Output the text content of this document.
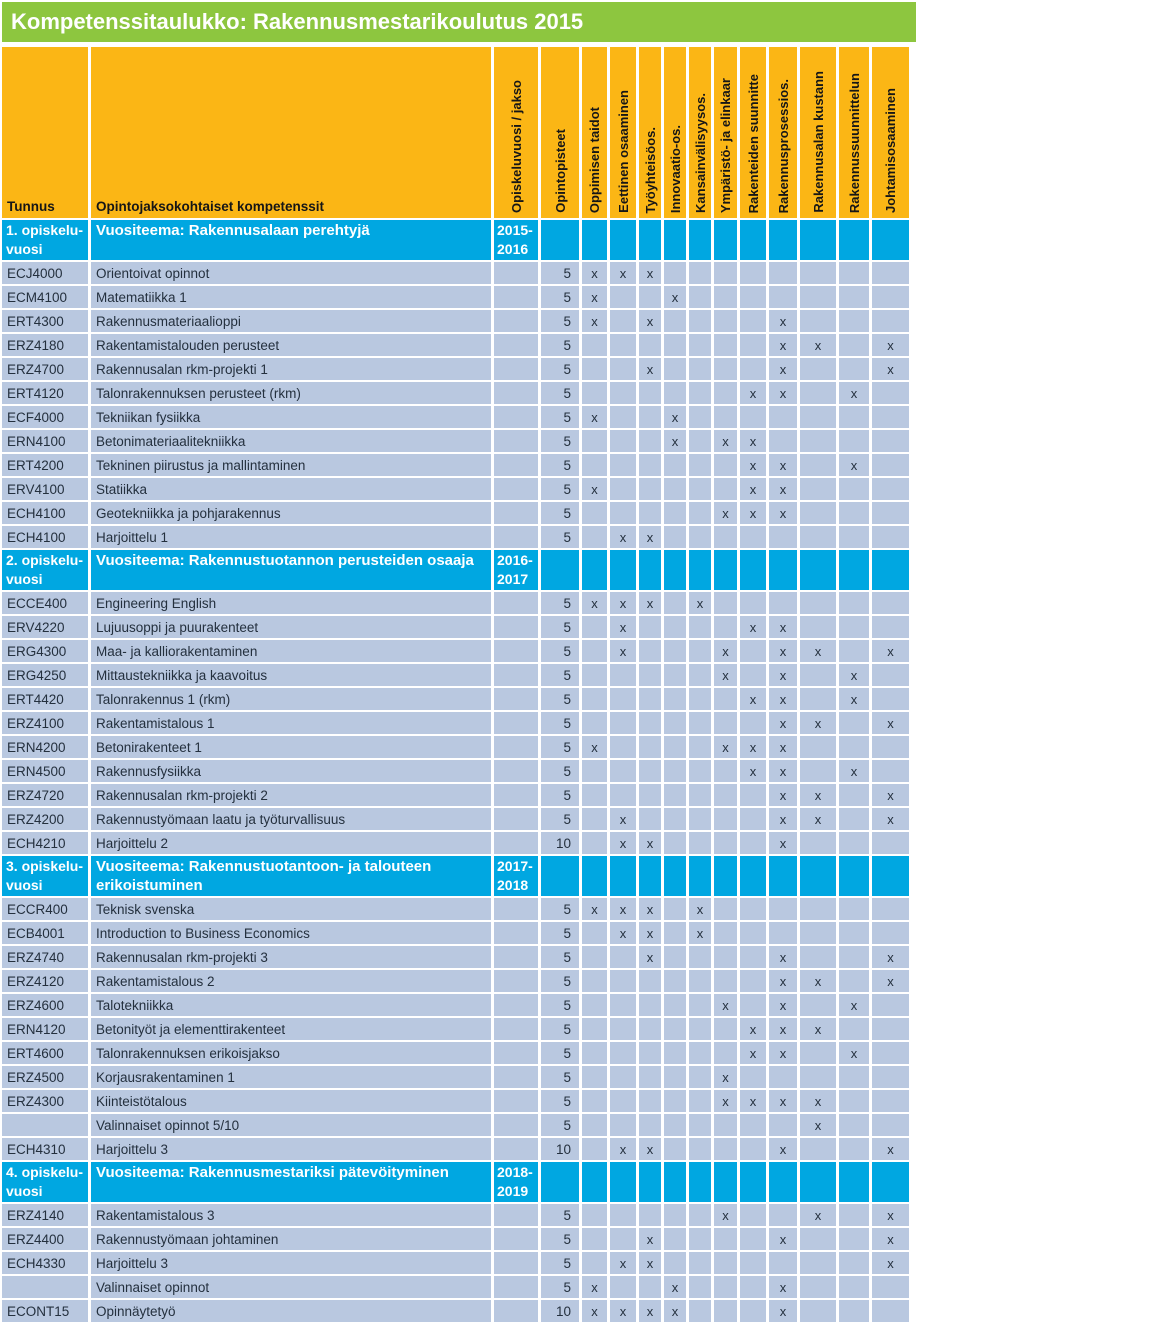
Kompetenssitaulukko: Rakennusmestarikoulutus 2015
Tunnus	Opintojaksokohtaiset kompetenssit	Opiskeluvuosi / jakso	Opintopisteet	Oppimisen taidot	Eettinen osaaminen	Työyhteisöos.	Innovaatio-os.	Kansainvälisyysos.	Ympäristö- ja elinkaar	Rakenteiden suunnitte	Rakennusprosessios.	Rakennusalan kustann	Rakennussuunnittelun	Johtamisosaaminen

1. opiskelu-
vuosi
	Vuositeema: Rakennusalaan perehtyjä	2015-
2016

ECJ4000	Orientoivat opinnot		5	x	x	x								
ECM4100	Matematiikka 1		5	x			x							
ERT4300	Rakennusmateriaalioppi		5	x		x					x			
ERZ4180	Rakentamistalouden perusteet		5								x	x		x
ERZ4700	Rakennusalan rkm-projekti 1		5			x					x			x
ERT4120	Talonrakennuksen perusteet (rkm)		5							x	x		x	
ECF4000	Tekniikan fysiikka		5	x			x							
ERN4100	Betonimateriaalitekniikka		5				x		x	x				
ERT4200	Tekninen piirustus ja mallintaminen		5							x	x		x	
ERV4100	Statiikka		5	x						x	x			
ECH4100	Geotekniikka ja pohjarakennus		5						x	x	x			
ECH4100	Harjoittelu 1		5		x	x								

2. opiskelu-
vuosi
	Vuositeema: Rakennustuotannon perusteiden osaaja	2016-
2017

ECCE400	Engineering English		5	x	x	x		x						
ERV4220	Lujuusoppi ja puurakenteet		5		x					x	x			
ERG4300	Maa- ja kalliorakentaminen		5		x				x		x	x		x
ERG4250	Mittaustekniikka ja kaavoitus		5						x		x		x	
ERT4420	Talonrakennus 1 (rkm)		5							x	x		x	
ERZ4100	Rakentamistalous 1		5								x	x		x
ERN4200	Betonirakenteet 1		5	x					x	x	x			
ERN4500	Rakennusfysiikka		5							x	x		x	
ERZ4720	Rakennusalan rkm-projekti 2		5								x	x		x
ERZ4200	Rakennustyömaan laatu ja työturvallisuus		5		x						x	x		x
ECH4210	Harjoittelu 2		10		x	x					x			

3. opiskelu-
vuosi
	Vuositeema: Rakennustuotantoon- ja talouteen erikoistuminen	
2017-
2018

ECCR400	Teknisk svenska		5	x	x	x		x						
ECB4001	Introduction to Business Economics		5		x	x		x						
ERZ4740	Rakennusalan rkm-projekti 3		5			x					x			x
ERZ4120	Rakentamistalous 2		5								x	x		x
ERZ4600	Talotekniikka		5						x		x		x	
ERN4120	Betonityöt ja elementtirakenteet		5							x	x	x		
ERT4600	Talonrakennuksen erikoisjakso		5							x	x		x	
ERZ4500	Korjausrakentaminen 1		5						x					
ERZ4300	Kiinteistötalous		5						x	x	x	x		
	Valinnaiset opinnot 5/10		5									x		
ECH4310	Harjoittelu 3		10		x	x					x			x

4. opiskelu-
vuosi
	Vuositeema: Rakennusmestariksi pätevöityminen	2018-
2019

ERZ4140	Rakentamistalous 3		5						x			x		x
ERZ4400	Rakennustyömaan johtaminen		5			x					x			x
ECH4330	Harjoittelu 3		5		x	x								x
	Valinnaiset opinnot		5	x			x				x			
ECONT15	Opinnäytetyö		10	x	x	x	x				x			
